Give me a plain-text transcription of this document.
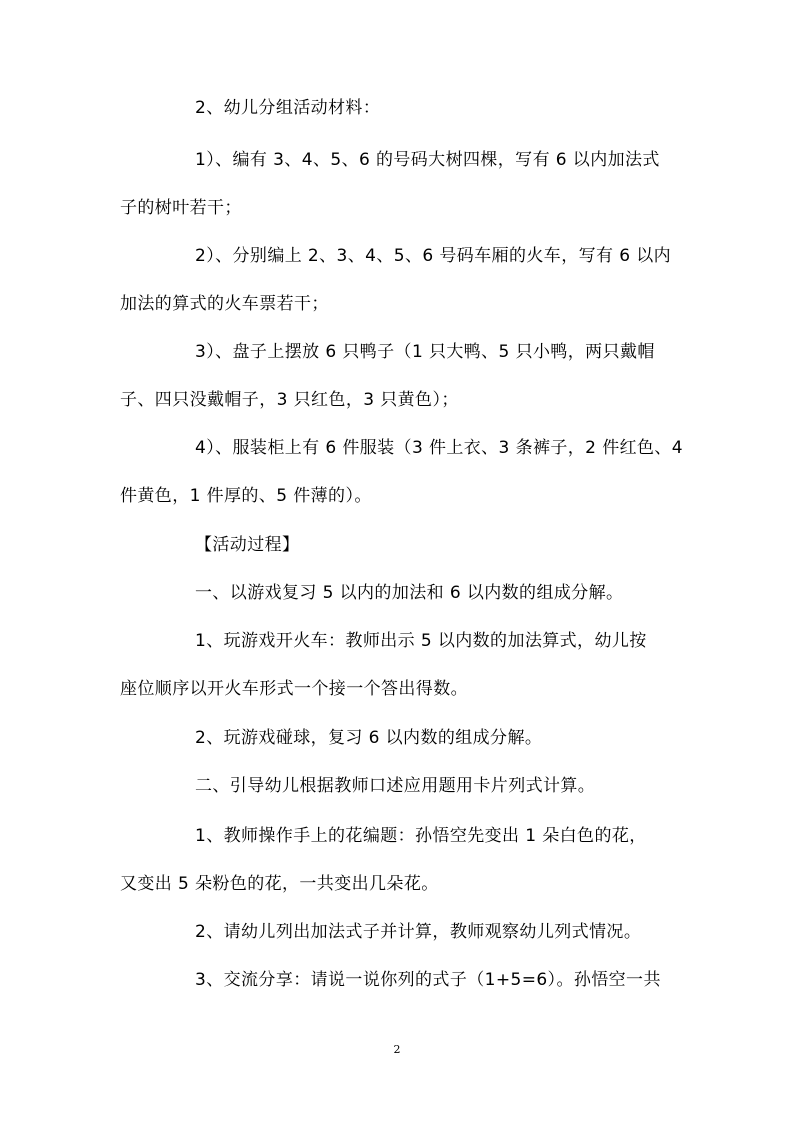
2、幼儿分组活动材料：
1）、编有 3、4、5、6 的号码大树四棵，写有 6 以内加法式
子的树叶若干；
2）、分别编上 2、3、4、5、6 号码车厢的火车，写有 6 以内
加法的算式的火车票若干；
3）、盘子上摆放 6 只鸭子（1 只大鸭、5 只小鸭，两只戴帽
子、四只没戴帽子，3 只红色，3 只黄色）；
4）、服装柜上有 6 件服装（3 件上衣、3 条裤子，2 件红色、4
件黄色，1 件厚的、5 件薄的）。
【活动过程】
一、以游戏复习 5 以内的加法和 6 以内数的组成分解。
1、玩游戏开火车：教师出示 5 以内数的加法算式，幼儿按
座位顺序以开火车形式一个接一个答出得数。
2、玩游戏碰球，复习 6 以内数的组成分解。
二、引导幼儿根据教师口述应用题用卡片列式计算。
1、教师操作手上的花编题：孙悟空先变出 1 朵白色的花，
又变出 5 朵粉色的花，一共变出几朵花。
2、请幼儿列出加法式子并计算，教师观察幼儿列式情况。
3、交流分享：请说一说你列的式子（1+5=6）。孙悟空一共
2
